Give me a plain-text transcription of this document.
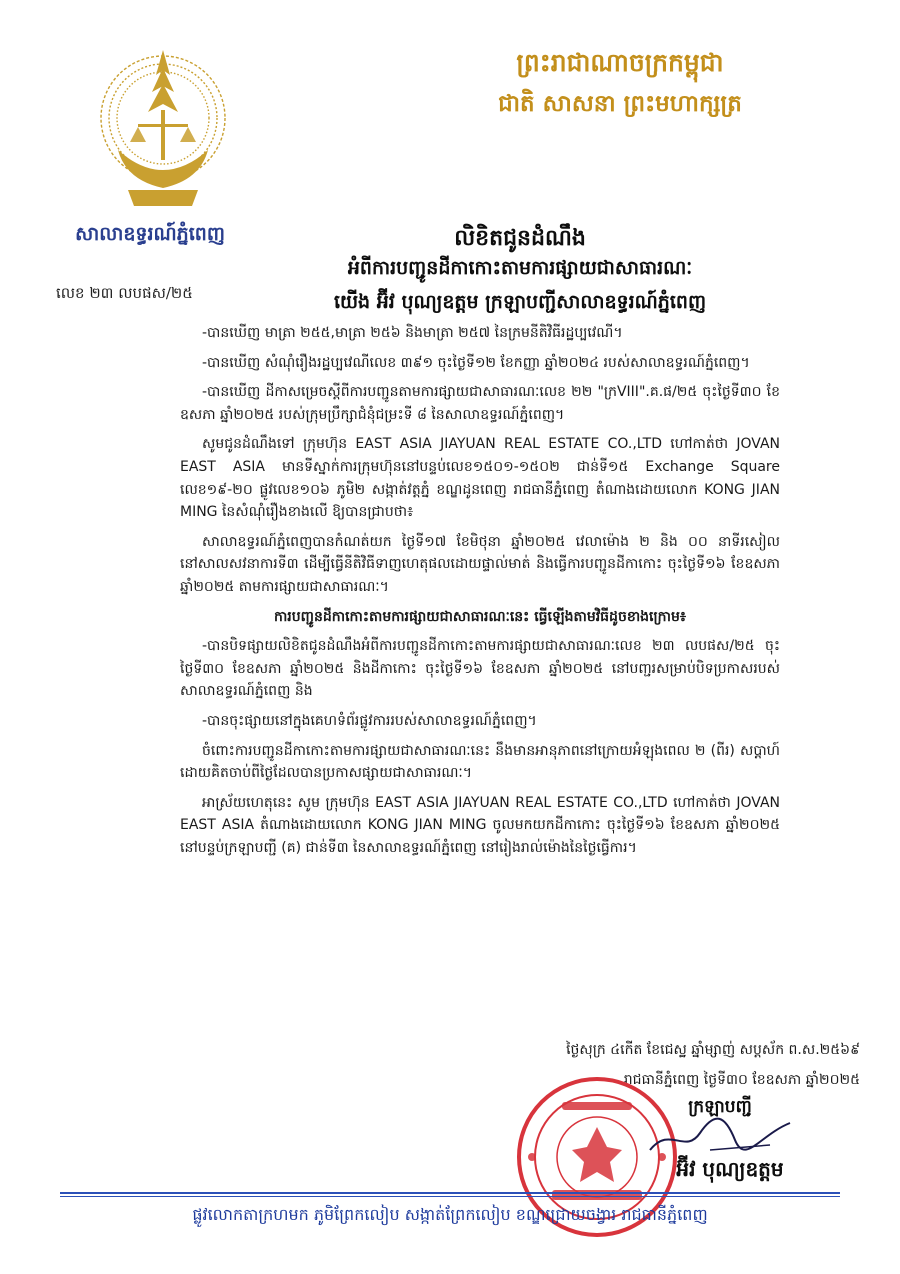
សាលាឧទ្ធរណ៍ភ្នំពេញ
លេខ ២៣ លបផស/២៥
ព្រះរាជាណាចក្រកម្ពុជា
ជាតិ សាសនា ព្រះមហាក្សត្រ
លិខិតជូនដំណឹង
អំពីការបញ្ជូនដីកាកោះតាមការផ្សាយជាសាធារណៈ
យើង អ៊ីវ បុណ្យឧត្តម ក្រឡាបញ្ជីសាលាឧទ្ធរណ៍ភ្នំពេញ

-បានឃើញ មាត្រា ២៥៥,មាត្រា ២៥៦ និងមាត្រា ២៥៧ នៃក្រមនីតិវិធីរដ្ឋប្បវេណី។

-បានឃើញ សំណុំរឿងរដ្ឋប្បវេណីលេខ ៣៩១ ចុះថ្ងៃទី១២ ខែកញ្ញា ឆ្នាំ២០២៤ របស់សាលាឧទ្ធរណ៍ភ្នំពេញ។

-បានឃើញ ដីកាសម្រេចស្ដីពីការបញ្ជូនតាមការផ្សាយជាសាធារណៈលេខ ២២ "ក្រVIII".គ.ផ/២៥ ចុះថ្ងៃទី៣០ ខែឧសភា ឆ្នាំ២០២៥ របស់ក្រុមប្រឹក្សាជំនុំជម្រះទី ៨ នៃសាលាឧទ្ធរណ៍ភ្នំពេញ។

សូមជូនដំណឹងទៅ ក្រុមហ៊ុន EAST ASIA JIAYUAN REAL ESTATE CO.,LTD ហៅកាត់ថា JOVAN EAST ASIA មានទីស្នាក់ការក្រុមហ៊ុននៅបន្ទប់លេខ១៥០១-១៥០២ ជាន់ទី១៥ Exchange Square លេខ១៩-២០ ផ្លូវលេខ១០៦ ភូមិ២ សង្កាត់វត្តភ្នំ ខណ្ឌដូនពេញ រាជធានីភ្នំពេញ តំណាងដោយលោក KONG JIAN MING នៃសំណុំរឿងខាងលើ ឱ្យបានជ្រាបថា៖

សាលាឧទ្ធរណ៍ភ្នំពេញបានកំណត់យក ថ្ងៃទី១៧ ខែមិថុនា ឆ្នាំ២០២៥ វេលាម៉ោង ២ និង ០០ នាទីរសៀល នៅសាលសវនាការទី៣ ដើម្បីធ្វើនីតិវិធីទាញហេតុផលដោយផ្ទាល់មាត់ និងធ្វើការបញ្ជូនដីកាកោះ ចុះថ្ងៃទី១៦ ខែឧសភា ឆ្នាំ២០២៥ តាមការផ្សាយជាសាធារណៈ។

ការបញ្ជូនដីកាកោះតាមការផ្សាយជាសាធារណៈនេះ ធ្វើឡើងតាមវិធីដូចខាងក្រោម៖

-បានបិទផ្សាយលិខិតជូនដំណឹងអំពីការបញ្ជូនដីកាកោះតាមការផ្សាយជាសាធារណៈលេខ ២៣ លបផស/២៥ ចុះថ្ងៃទី៣០ ខែឧសភា ឆ្នាំ២០២៥ និងដីកាកោះ ចុះថ្ងៃទី១៦ ខែឧសភា ឆ្នាំ២០២៥ នៅបញ្ជរសម្រាប់បិទប្រកាសរបស់សាលាឧទ្ធរណ៍ភ្នំពេញ និង

-បានចុះផ្សាយនៅក្នុងគេហទំព័រផ្លូវការរបស់សាលាឧទ្ធរណ៍ភ្នំពេញ។

ចំពោះការបញ្ជូនដីកាកោះតាមការផ្សាយជាសាធារណៈនេះ នឹងមានអានុភាពនៅក្រោយអំឡុងពេល ២ (ពីរ) សប្ដាហ៍ ដោយគិតចាប់ពីថ្ងៃដែលបានប្រកាសផ្សាយជាសាធារណៈ។

អាស្រ័យហេតុនេះ សូម ក្រុមហ៊ុន EAST ASIA JIAYUAN REAL ESTATE CO.,LTD ហៅកាត់ថា JOVAN EAST ASIA តំណាងដោយលោក KONG JIAN MING ចូលមកយកដីកាកោះ ចុះថ្ងៃទី១៦ ខែឧសភា ឆ្នាំ២០២៥ នៅបន្ទប់ក្រឡាបញ្ជី (គ) ជាន់ទី៣ នៃសាលាឧទ្ធរណ៍ភ្នំពេញ នៅរៀងរាល់ម៉ោងនៃថ្ងៃធ្វើការ។

ថ្ងៃសុក្រ ៤កើត ខែជេស្ឋ ឆ្នាំម្សាញ់ សប្តស័ក ព.ស.២៥៦៩
រាជធានីភ្នំពេញ ថ្ងៃទី៣០ ខែឧសភា ឆ្នាំ២០២៥
ក្រឡាបញ្ជី
អ៊ីវ បុណ្យឧត្តម
ផ្លូវលោកតាក្រហមក ភូមិព្រែកលៀប សង្កាត់ព្រែកលៀប ខណ្ឌជ្រោយចង្វារ រាជធានីភ្នំពេញ
